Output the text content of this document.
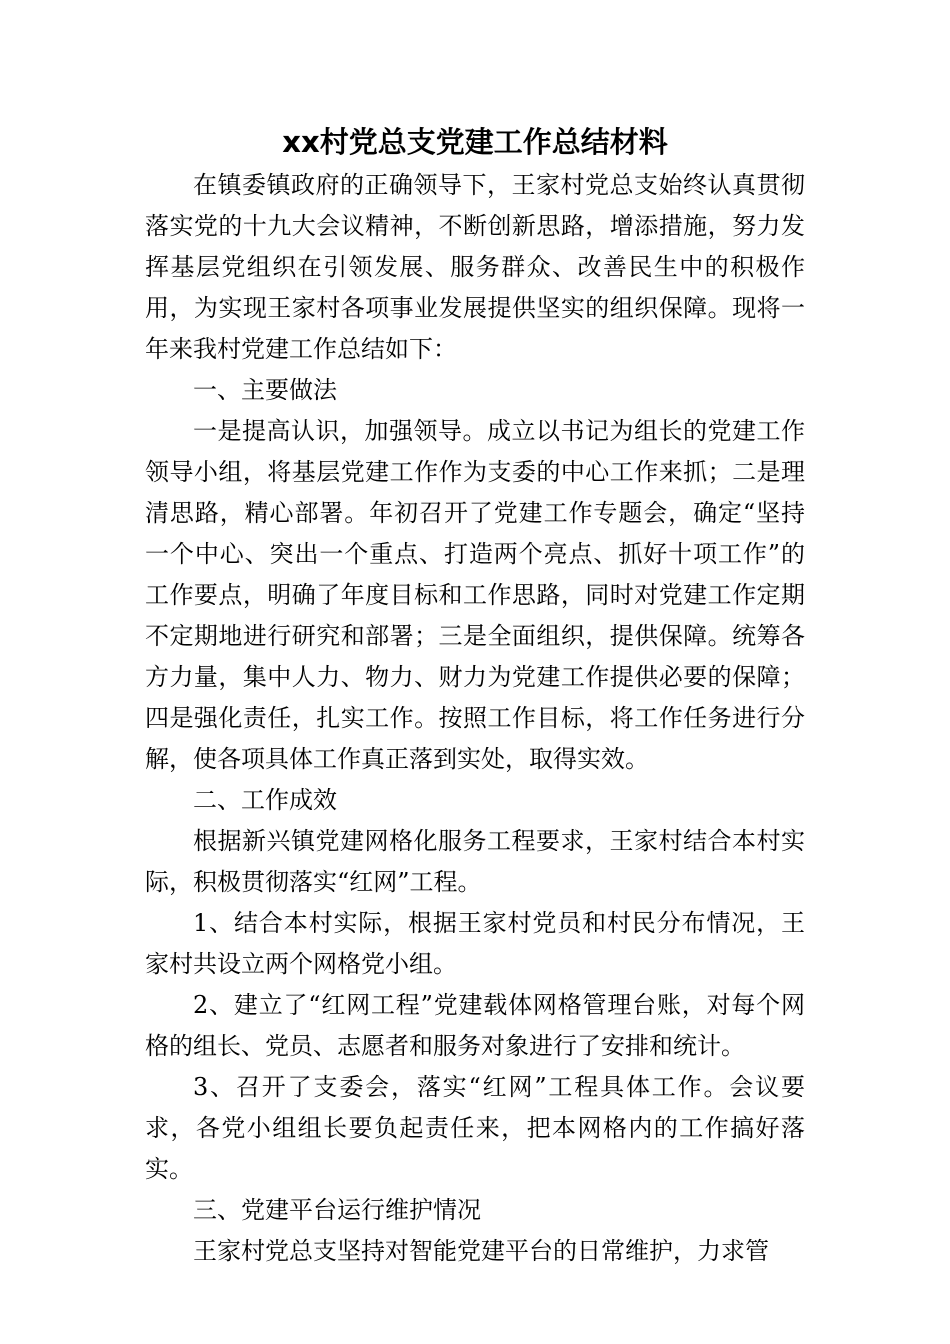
xx村党总支党建工作总结材料

在镇委镇政府的正确领导下，王家村党总支始终认真贯彻落实党的十九大会议精神，不断创新思路，增添措施，努力发挥基层党组织在引领发展、服务群众、改善民生中的积极作用，为实现王家村各项事业发展提供坚实的组织保障。现将一年来我村党建工作总结如下：

一、主要做法

一是提高认识，加强领导。成立以书记为组长的党建工作领导小组，将基层党建工作作为支委的中心工作来抓；二是理清思路，精心部署。年初召开了党建工作专题会，确定“坚持一个中心、突出一个重点、打造两个亮点、抓好十项工作”的工作要点，明确了年度目标和工作思路，同时对党建工作定期不定期地进行研究和部署；三是全面组织，提供保障。统筹各方力量，集中人力、物力、财力为党建工作提供必要的保障；四是强化责任，扎实工作。按照工作目标，将工作任务进行分解，使各项具体工作真正落到实处，取得实效。

二、工作成效

根据新兴镇党建网格化服务工程要求，王家村结合本村实际，积极贯彻落实“红网”工程。

1、结合本村实际，根据王家村党员和村民分布情况，王家村共设立两个网格党小组。

2、建立了“红网工程”党建载体网格管理台账，对每个网格的组长、党员、志愿者和服务对象进行了安排和统计。

3、召开了支委会，落实“红网”工程具体工作。会议要求，各党小组组长要负起责任来，把本网格内的工作搞好落实。

三、党建平台运行维护情况

王家村党总支坚持对智能党建平台的日常维护，力求管
